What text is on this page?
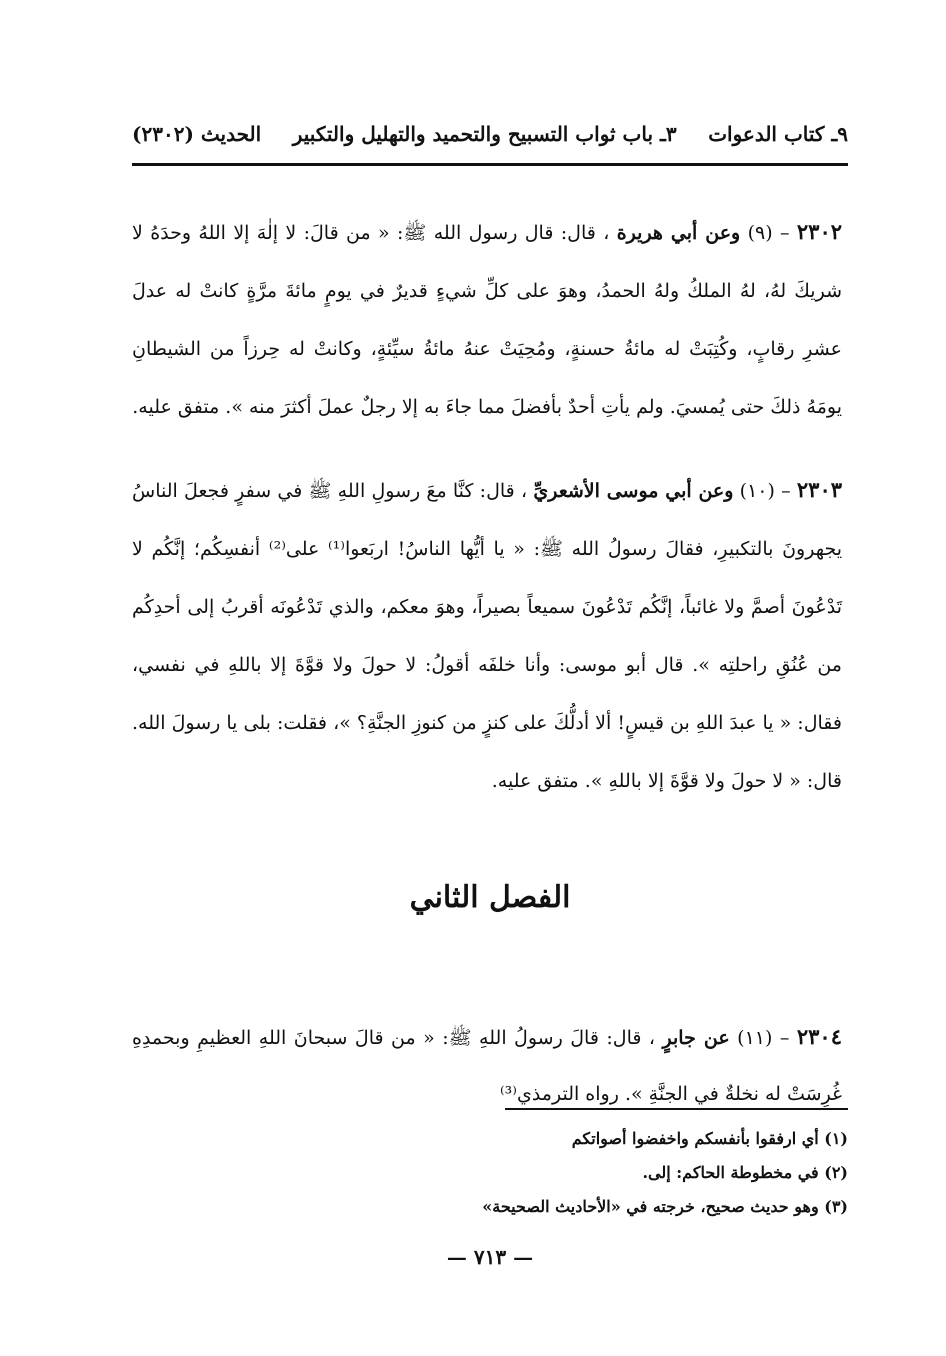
٩ـ كتاب الدعوات
٣ـ باب ثواب التسبيح والتحميد والتهليل والتكبير
الحديث (٢٣٠٢)

٢٣٠٢ – (٩) وعن أبي هريرة ، قال: قال رسول الله ﷺ: « من قالَ: لا إلٰهَ إلا اللهُ وحدَهُ لا شريكَ لهُ، لهُ الملكُ ولهُ الحمدُ، وهوَ على كلِّ شيءٍ قديرٌ في يومٍ مائةَ مرَّةٍ كانتْ له عدلَ عشرِ رقابٍ، وكُتِبَتْ له مائةُ حسنةٍ، ومُحِيَتْ عنهُ مائةُ سيِّئةٍ، وكانتْ له حِرزاً من الشيطانِ يومَهُ ذلكَ حتى يُمسيَ. ولم يأتِ أحدٌ بأفضلَ مما جاءَ به إلا رجلٌ عملَ أكثرَ منه ». متفق عليه.

٢٣٠٣ – (١٠) وعن أبي موسى الأشعريِّ ، قال: كنَّا معَ رسولِ اللهِ ﷺ في سفرٍ فجعلَ الناسُ يجهرونَ بالتكبيرِ، فقالَ رسولُ الله ﷺ: « يا أيُّها الناسُ! اربَعوا⁽¹⁾ على⁽²⁾ أنفسِكُم؛ إنَّكُم لا تَدْعُونَ أصمَّ ولا غائباً، إنَّكُم تَدْعُونَ سميعاً بصيراً، وهوَ معكم، والذي تَدْعُونَه أقربُ إلى أحدِكُم من عُنُقِ راحلتِه ». قال أبو موسى: وأنا خلفَه أقولُ: لا حولَ ولا قوَّةَ إلا باللهِ في نفسي، فقال: « يا عبدَ اللهِ بن قيسٍ! ألا أدلُّكَ على كنزٍ من كنوزِ الجنَّةِ؟ »، فقلت: بلى يا رسولَ الله. قال: « لا حولَ ولا قوَّةَ إلا باللهِ ». متفق عليه.

الفصل الثاني

٢٣٠٤ – (١١) عن جابرٍ ، قال: قالَ رسولُ اللهِ ﷺ: « من قالَ سبحانَ اللهِ العظيمِ وبحمدِهِ غُرِسَتْ له نخلةٌ في الجنَّةِ ». رواه الترمذي⁽³⁾

(١) أي ارفقوا بأنفسكم واخفضوا أصواتكم
(٢) في مخطوطة الحاكم: إلى.
(٣) وهو حديث صحيح، خرجته في «الأحاديث الصحيحة»
— ٧١٣ —
